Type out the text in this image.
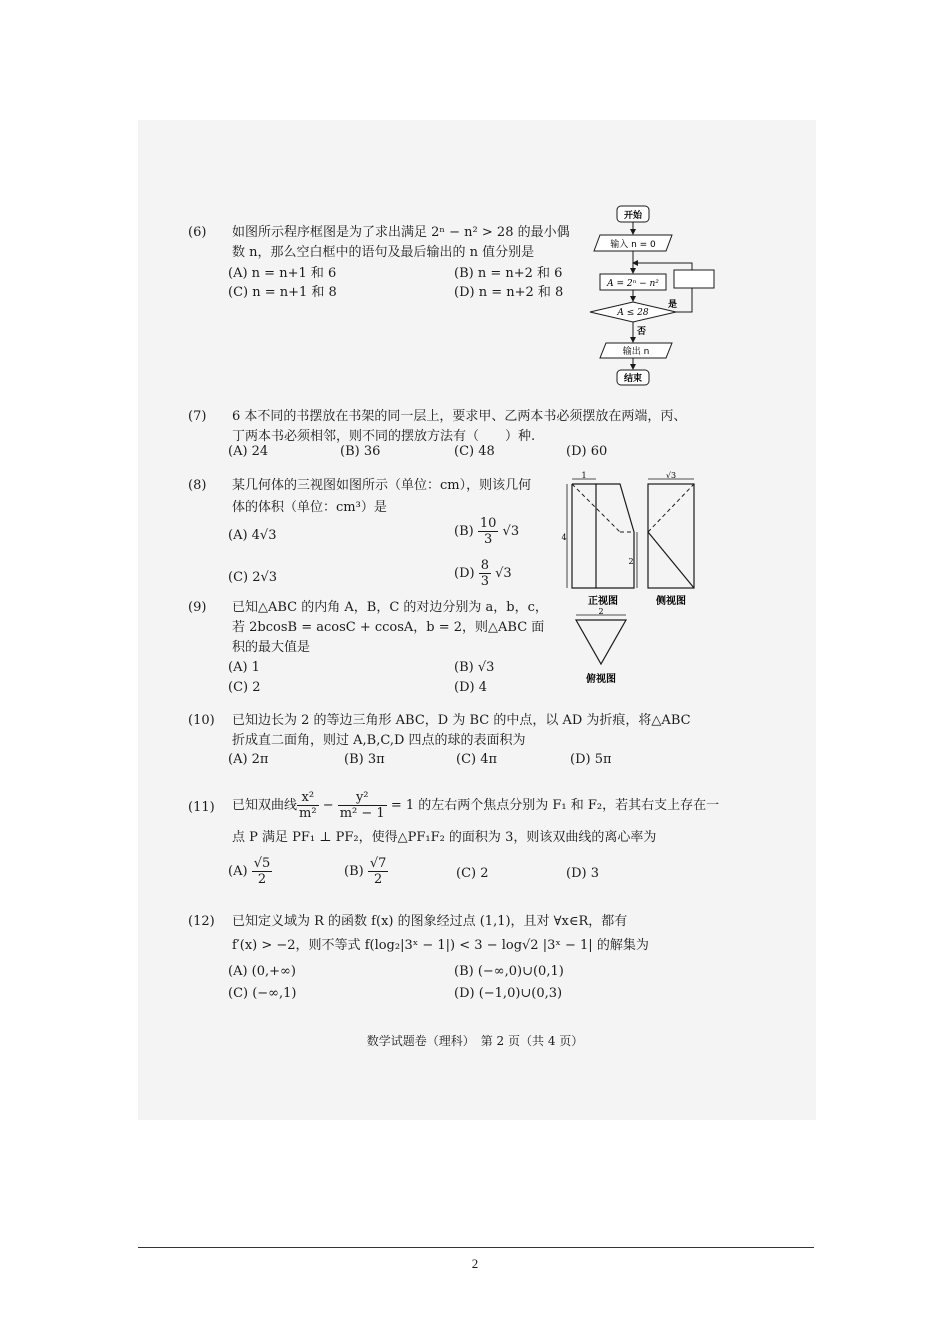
(6) 如图所示程序框图是为了求出满足 2ⁿ − n² > 28 的最小偶
数 n，那么空白框中的语句及最后输出的 n 值分别是
(A) n = n+1 和 6	(B) n = n+2 和 6
(C) n = n+1 和 8	(D) n = n+2 和 8
开始
输入 n = 0
A = 2ⁿ − n²
A ≤ 28
是
否
输出 n
结束
(7) 6 本不同的书摆放在书架的同一层上，要求甲、乙两本书必须摆放在两端，丙、
丁两本书必须相邻，则不同的摆放方法有（　　）种.
(A) 24	(B) 36	(C) 48	(D) 60
(8) 某几何体的三视图如图所示（单位：cm），则该几何
体的体积（单位：cm³）是
(A) 4√3	$(B) \frac{10}{3} √3$
(C) 2√3	$(D) \frac{8}{3} √3$
1
4
2
正视图
√3
侧视图
2
俯视图
(9) 已知△ABC 的内角 A，B，C 的对边分别为 a，b，c，
若 2bcosB = acosC + ccosA，b = 2，则△ABC 面
积的最大值是
(A) 1	(B) √3
(C) 2	(D) 4
(10) 已知边长为 2 的等边三角形 ABC，D 为 BC 的中点，以 AD 为折痕，将△ABC
折成直二面角，则过 A,B,C,D 四点的球的表面积为
(A) 2π	(B) 3π	(C) 4π	(D) 5π
(11) 已知双曲线 $\frac{\text{x²}}{\text{m²}} - \frac{\text{y²}}{\text{m² − 1}} = 1$ 的左右两个焦点分别为 F₁ 和 F₂，若其右支上存在一
点 P 满足 PF₁ ⊥ PF₂，使得△PF₁F₂ 的面积为 3，则该双曲线的离心率为
$(A) \frac{√5}{2}$	$(B) \frac{√7}{2}$	(C) 2	(D) 3
(12) 已知定义域为 R 的函数 f(x) 的图象经过点 (1,1)，且对 ∀x∈R，都有
f′(x) > −2，则不等式 f(log₂|3ˣ − 1|) < 3 − log√2 |3ˣ − 1| 的解集为
(A) (0,+∞)	(B) (−∞,0)∪(0,1)
(C) (−∞,1)	(D) (−1,0)∪(0,3)
数学试题卷（理科）　第 2 页（共 4 页）
2
